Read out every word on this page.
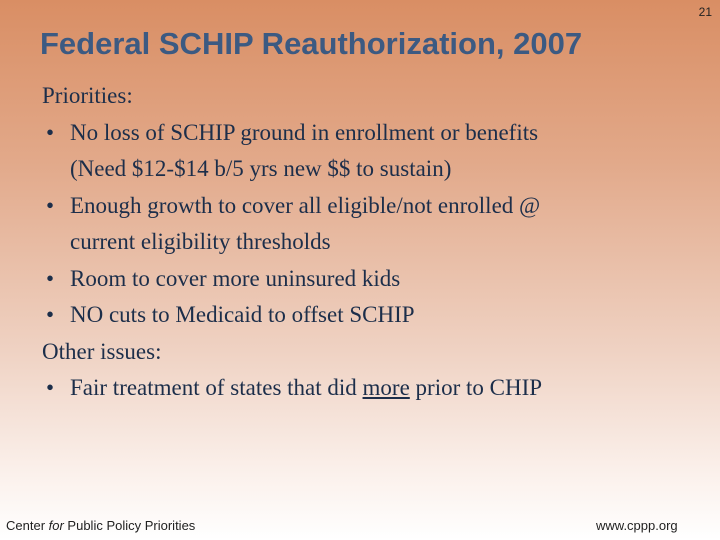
21
Federal SCHIP Reauthorization, 2007
Priorities:
• No loss of SCHIP ground in enrollment or benefits
(Need $12-$14 b/5 yrs new $$ to sustain)
• Enough growth to cover all eligible/not enrolled @
current eligibility thresholds
• Room to cover more uninsured kids
• NO cuts to Medicaid to offset SCHIP
Other issues:
• Fair treatment of states that did more prior to CHIP
Center for Public Policy Priorities	www.cppp.org
